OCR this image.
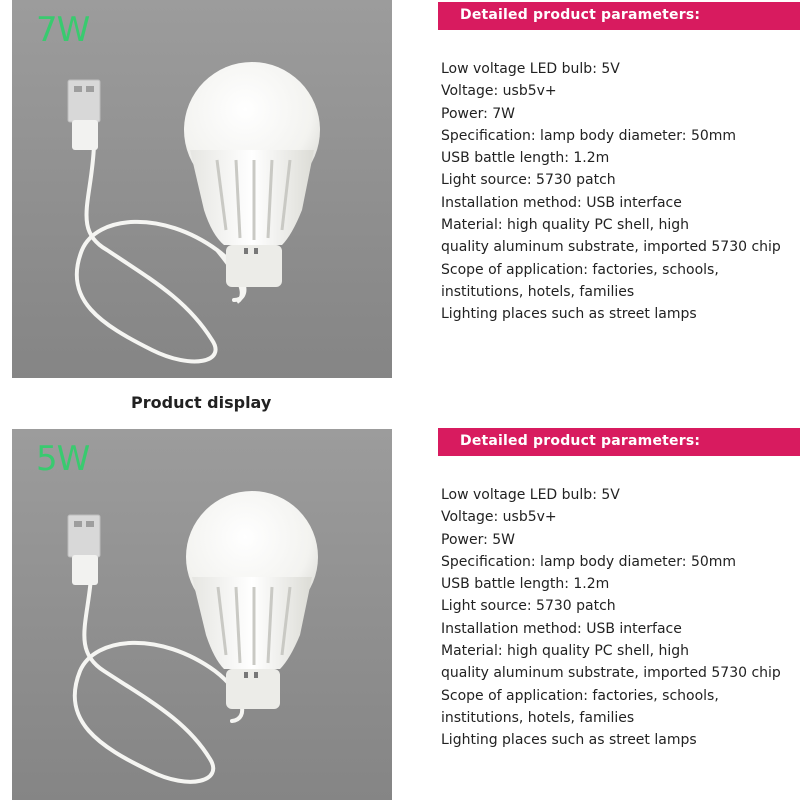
7W	Detailed product parameters:
Low voltage LED bulb: 5V
Voltage: usb5v+
Power: 7W
Specification: lamp body diameter: 50mm
USB battle length: 1.2m
Light source: 5730 patch
Installation method: USB interface
Material: high quality PC shell, high
quality aluminum substrate, imported 5730 chip
Scope of application: factories, schools,
institutions, hotels, families
Lighting places such as street lamps
Product display
5W	Detailed product parameters:
Low voltage LED bulb: 5V
Voltage: usb5v+
Power: 5W
Specification: lamp body diameter: 50mm
USB battle length: 1.2m
Light source: 5730 patch
Installation method: USB interface
Material: high quality PC shell, high
quality aluminum substrate, imported 5730 chip
Scope of application: factories, schools,
institutions, hotels, families
Lighting places such as street lamps
